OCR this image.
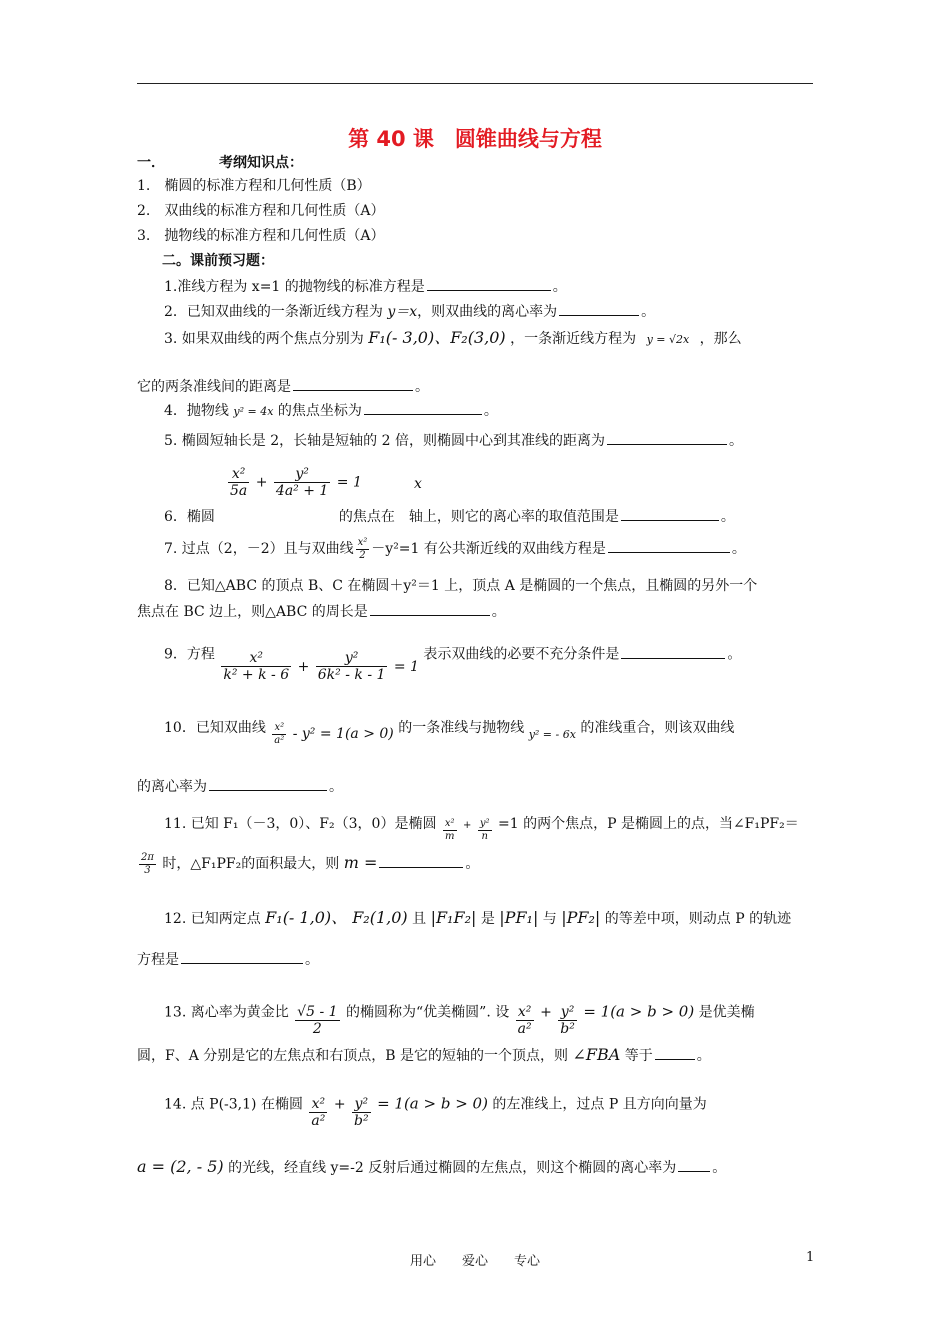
第 40 课　圆锥曲线与方程
一．	考纲知识点：
1.　椭圆的标准方程和几何性质（B）
2.　双曲线的标准方程和几何性质（A）
3.　抛物线的标准方程和几何性质（A）
二。课前预习题：
1.准线方程为 x=1 的抛物线的标准方程是	。
2．已知双曲线的一条渐近线方程为 y＝x，则双曲线的离心率为	。
3. 如果双曲线的两个焦点分别为 F₁(- 3,0)、F₂(3,0) ，一条渐近线方程为 y = √2x ，那么
它的两条准线间的距离是	。
4．抛物线 y² = 4x 的焦点坐标为	。
5. 椭圆短轴长是 2，长轴是短轴的 2 倍，则椭圆中心到其准线的距离为	。
$\frac{\text{x²}}{5a} + \frac{\text{y²}}{\text{4a² + 1}} = 1$	x
6．椭圆	的焦点在　轴上，则它的离心率的取值范围是	。
7. 过点（2，－2）且与双曲线 $\frac{\text{x²}}{2} -y^2=1$ 有公共渐近线的双曲线方程是	。
8．已知△ABC 的顶点 B、C 在椭圆＋y²＝1 上，顶点 A 是椭圆的一个焦点，且椭圆的另外一个
焦点在 BC 边上，则△ABC 的周长是	。
9．方程 $\frac{\text{x²}}{\text{k² + k - 6}} + \frac{\text{y²}}{\text{6k² - k - 1}} = 1$ 表示双曲线的必要不充分条件是	。
10．已知双曲线 $\frac{\text{x²}}{\text{a²}} - y^2 = 1(a > 0)$ 的一条准线与抛物线 $_{y^2 = - 6x}$ 的准线重合，则该双曲线
的离心率为	。
11. 已知 F₁（－3，0）、F₂（3，0）是椭圆 $\frac{\text{x²}}{m} + \frac{\text{y²}}{n} =1$ 的两个焦点，P 是椭圆上的点，当∠F₁PF₂＝
$\frac{2\pi}{3}$ 时，△F₁PF₂的面积最大，则 m =	。
12. 已知两定点 F₁(- 1,0)、 F₂(1,0) 且 |F₁F₂| 是 |PF₁| 与 |PF₂| 的等差中项，则动点 P 的轨迹
方程是	。
13. 离心率为黄金比 $\frac{√5 - 1}{2}$ 的椭圆称为“优美椭圆”. 设 $\frac{\text{x²}}{\text{a²}} + \frac{\text{y²}}{\text{b²}} = 1(a > b > 0)$ 是优美椭
圆，F、A 分别是它的左焦点和右顶点，B 是它的短轴的一个顶点，则 ∠FBA 等于	。
14. 点 P(-3,1) 在椭圆 $\frac{\text{x²}}{\text{a²}} + \frac{\text{y²}}{\text{b²}} = 1(a > b > 0)$ 的左准线上，过点 P 且方向向量为
a = (2, - 5) 的光线，经直线 y=-2 反射后通过椭圆的左焦点，则这个椭圆的离心率为	。
用心　　爱心　　专心	1
